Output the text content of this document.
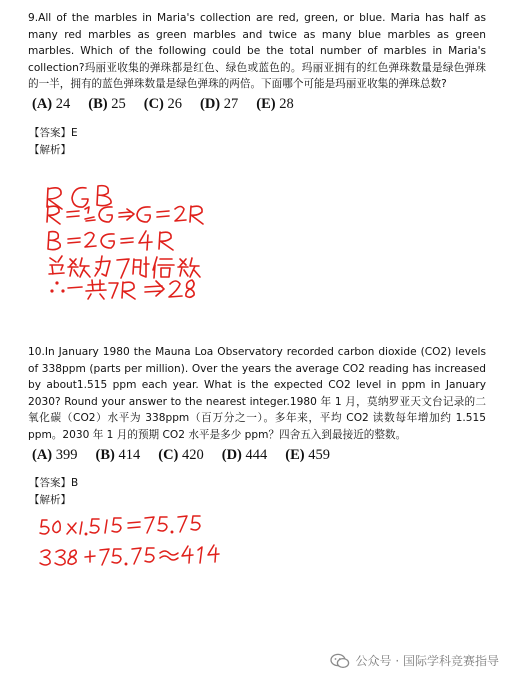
9.All of the marbles in Maria's collection are red, green, or blue. Maria has half as many red marbles as green marbles and twice as many blue marbles as green marbles. Which of the following could be the total number of marbles in Maria's collection?玛丽亚收集的弹珠都是红色、绿色或蓝色的。玛丽亚拥有的红色弹珠数量是绿色弹珠的一半，拥有的蓝色弹珠数量是绿色弹珠的两倍。下面哪个可能是玛丽亚收集的弹珠总数?

(A) 24 (B) 25 (C) 26 (D) 27 (E) 28
【答案】E
【解析】

10.In January 1980 the Mauna Loa Observatory recorded carbon dioxide (CO2) levels of 338ppm (parts per million). Over the years the average CO2 reading has increased by about1.515 ppm each year. What is the expected CO2 level in ppm in January 2030? Round your answer to the nearest integer.1980 年 1 月，莫纳罗亚天文台记录的二氧化碳（CO2）水平为 338ppm（百万分之一）。多年来，平均 CO2 读数每年增加约 1.515 ppm。2030 年 1 月的预期 CO2 水平是多少 ppm？四舍五入到最接近的整数。

(A) 399 (B) 414 (C) 420 (D) 444 (E) 459
【答案】B
【解析】
公众号 · 国际学科竞赛指导
